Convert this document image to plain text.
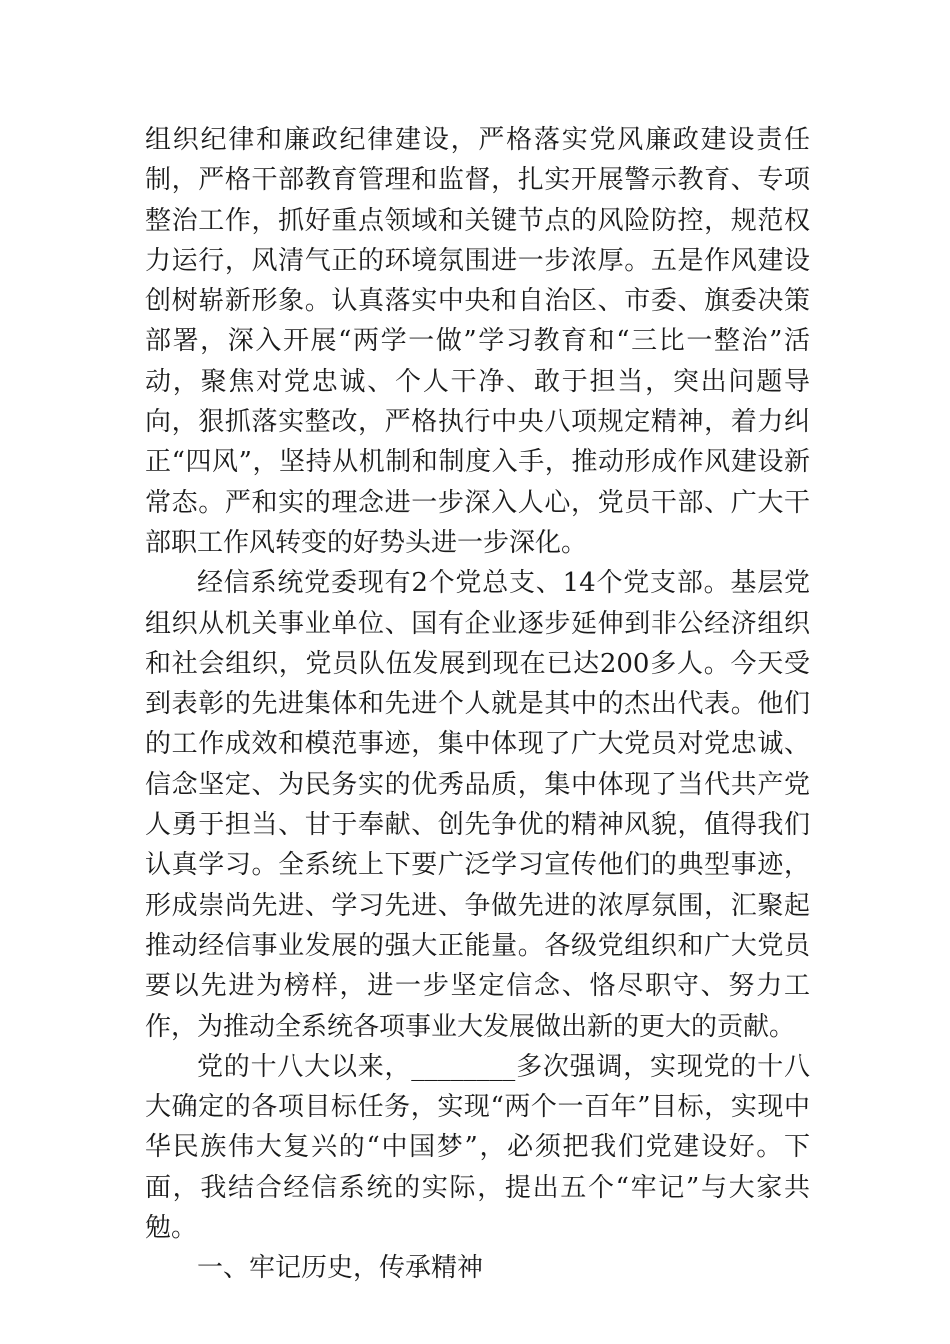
组织纪律和廉政纪律建设，严格落实党风廉政建设责任制，严格干部教育管理和监督，扎实开展警示教育、专项整治工作，抓好重点领域和关键节点的风险防控，规范权力运行，风清气正的环境氛围进一步浓厚。五是作风建设创树崭新形象。认真落实中央和自治区、市委、旗委决策部署，深入开展“两学一做”学习教育和“三比一整治”活动，聚焦对党忠诚、个人干净、敢于担当，突出问题导向，狠抓落实整改，严格执行中央八项规定精神，着力纠正“四风”，坚持从机制和制度入手，推动形成作风建设新常态。严和实的理念进一步深入人心，党员干部、广大干部职工作风转变的好势头进一步深化。

经信系统党委现有2个党总支、14个党支部。基层党组织从机关事业单位、国有企业逐步延伸到非公经济组织和社会组织，党员队伍发展到现在已达200多人。今天受到表彰的先进集体和先进个人就是其中的杰出代表。他们的工作成效和模范事迹，集中体现了广大党员对党忠诚、信念坚定、为民务实的优秀品质，集中体现了当代共产党人勇于担当、甘于奉献、创先争优的精神风貌，值得我们认真学习。全系统上下要广泛学习宣传他们的典型事迹，形成崇尚先进、学习先进、争做先进的浓厚氛围，汇聚起推动经信事业发展的强大正能量。各级党组织和广大党员要以先进为榜样，进一步坚定信念、恪尽职守、努力工作，为推动全系统各项事业大发展做出新的更大的贡献。

党的十八大以来，________多次强调，实现党的十八大确定的各项目标任务，实现“两个一百年”目标，实现中华民族伟大复兴的“中国梦”，必须把我们党建设好。下面，我结合经信系统的实际，提出五个“牢记”与大家共勉。

一、牢记历史，传承精神
